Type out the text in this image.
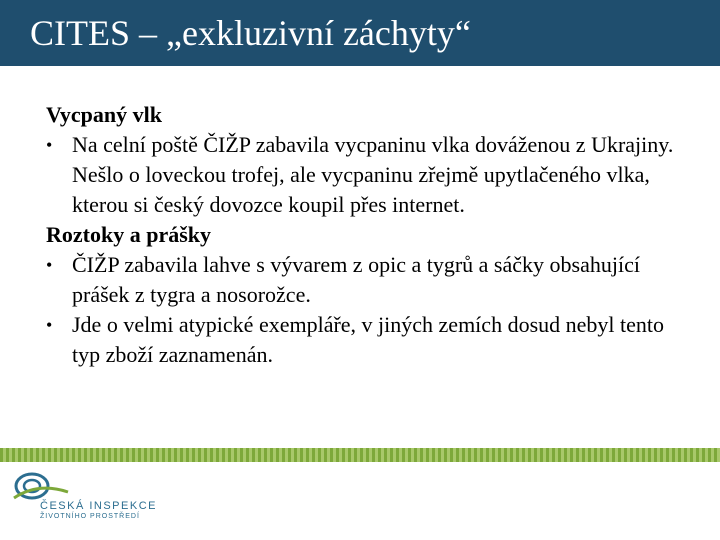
CITES – „exkluzivní záchyty“
Vycpaný vlk
• Na celní poště ČIŽP zabavila vycpaninu vlka dováženou z Ukrajiny. Nešlo o loveckou trofej, ale vycpaninu zřejmě upytlačeného vlka, kterou si český dovozce koupil přes internet.
Roztoky a prášky
• ČIŽP zabavila lahve s vývarem z opic a tygrů a sáčky obsahující prášek z tygra a nosorožce.
• Jde o velmi atypické exempláře, v jiných zemích dosud nebyl tento typ zboží zaznamenán.
ČESKÁ INSPEKCE
ŽIVOTNÍHO PROSTŘEDÍ
